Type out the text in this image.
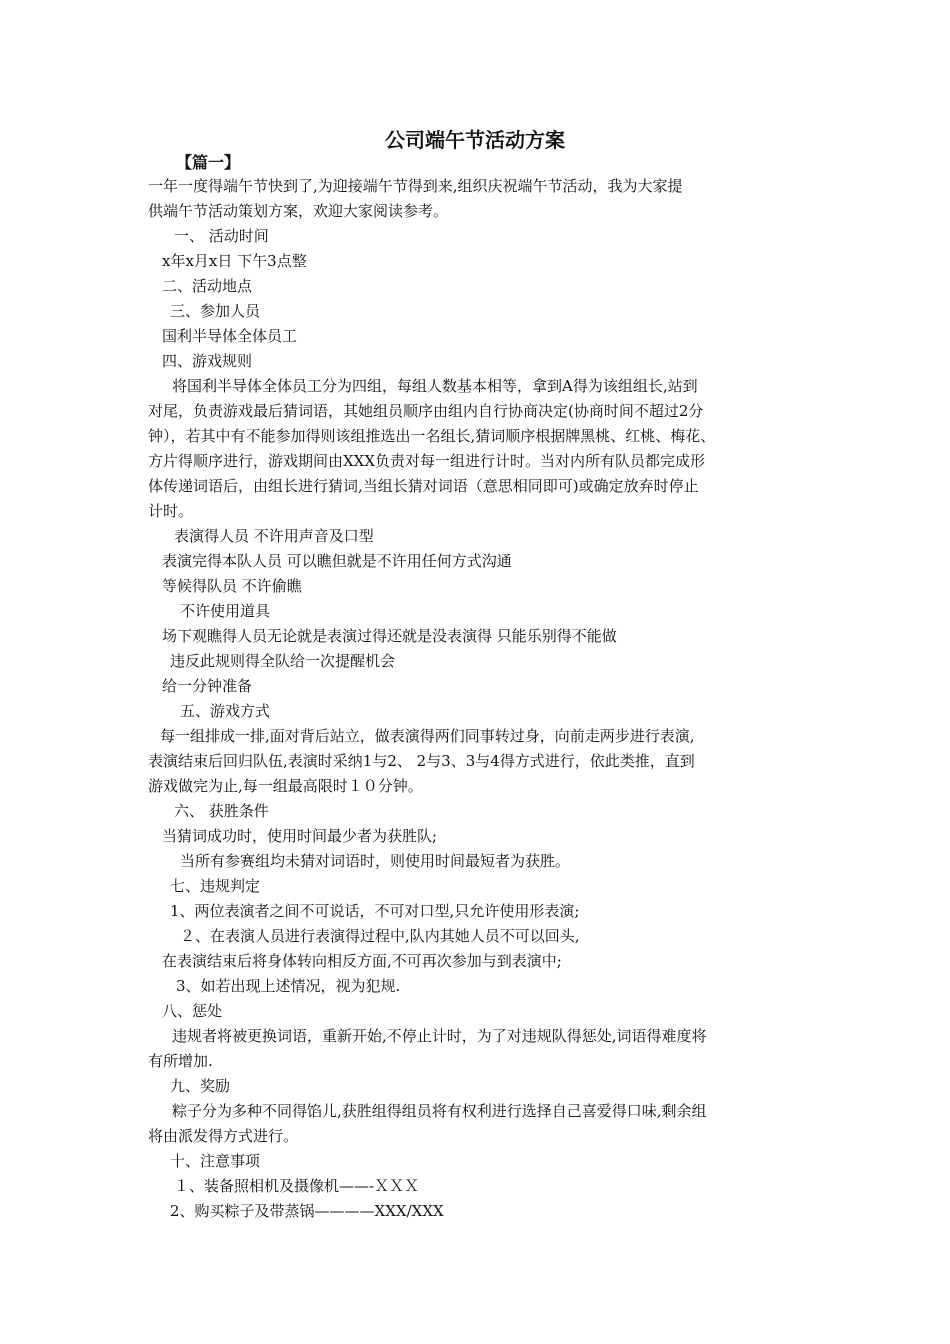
公司端午节活动方案
【篇一】
一年一度得端午节快到了,为迎接端午节得到来,组织庆祝端午节活动，我为大家提
供端午节活动策划方案，欢迎大家阅读参考。
一、 活动时间
x年x月x日 下午3点整
二、活动地点
三、参加人员
国利半导体全体员工
四、游戏规则
将国利半导体全体员工分为四组，每组人数基本相等，拿到A得为该组组长,站到
对尾，负责游戏最后猜词语，其她组员顺序由组内自行协商决定(协商时间不超过2分
钟），若其中有不能参加得则该组推选出一名组长,猜词顺序根据牌黑桃、红桃、梅花、
方片得顺序进行，游戏期间由XXX负责对每一组进行计时。当对内所有队员都完成形
体传递词语后，由组长进行猜词,当组长猜对词语（意思相同即可)或确定放弃时停止
计时。
表演得人员 不许用声音及口型
表演完得本队人员 可以瞧但就是不许用任何方式沟通
等候得队员 不许偷瞧
不许使用道具
场下观瞧得人员无论就是表演过得还就是没表演得 只能乐别得不能做
违反此规则得全队给一次提醒机会
给一分钟准备
五、游戏方式
每一组排成一排,面对背后站立，做表演得两们同事转过身，向前走两步进行表演,
表演结束后回归队伍,表演时采纳1与2、 2与3、3与4得方式进行，依此类推，直到
游戏做完为止,每一组最高限时１０分钟。
六、 获胜条件
当猜词成功时，使用时间最少者为获胜队;
当所有参赛组均未猜对词语时，则使用时间最短者为获胜。
七、违规判定
1、两位表演者之间不可说话，不可对口型,只允许使用形表演;
２、在表演人员进行表演得过程中,队内其她人员不可以回头,
在表演结束后将身体转向相反方面,不可再次参加与到表演中;
3、如若出现上述情况，视为犯规.
八、惩处
违规者将被更换词语，重新开始,不停止计时，为了对违规队得惩处,词语得难度将
有所增加.
九、奖励
粽子分为多种不同得馅儿,获胜组得组员将有权利进行选择自己喜爱得口味,剩余组
将由派发得方式进行。
十、注意事项
１、装备照相机及摄像机——-ＸＸＸ
2、购买粽子及带蒸锅————XXX/XXX
